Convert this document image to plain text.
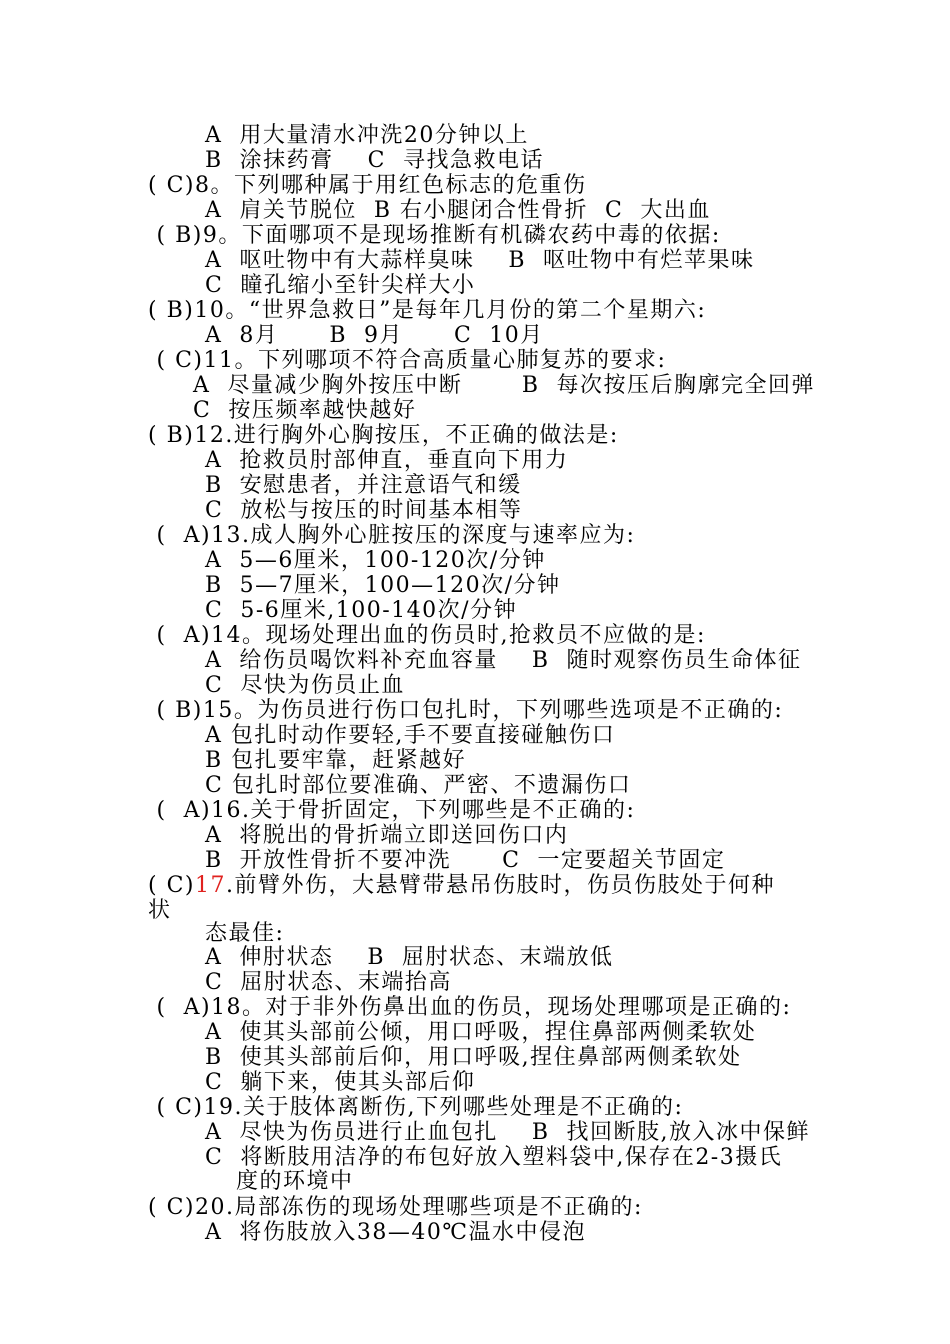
A  用大量清水冲洗20分钟以上
B  涂抹药膏    C  寻找急救电话
( C)8。下列哪种属于用红色标志的危重伤
A  肩关节脱位  B 右小腿闭合性骨折  C  大出血
( B)9。下面哪项不是现场推断有机磷农药中毒的依据:
A  呕吐物中有大蒜样臭味    B  呕吐物中有烂苹果味
C  瞳孔缩小至针尖样大小
( B)10。“世界急救日”是每年几月份的第二个星期六:
A  8月      B  9月      C  10月
( C)11。下列哪项不符合高质量心肺复苏的要求:
A  尽量减少胸外按压中断       B  每次按压后胸廓完全回弹
C  按压频率越快越好
( B)12.进行胸外心胸按压，不正确的做法是:
A  抢救员肘部伸直，垂直向下用力
B  安慰患者，并注意语气和缓
C  放松与按压的时间基本相等
(  A)13.成人胸外心脏按压的深度与速率应为:
A  5—6厘米，100-120次/分钟
B  5—7厘米，100—120次/分钟
C  5-6厘米,100-140次/分钟
(  A)14。现场处理出血的伤员时,抢救员不应做的是:
A  给伤员喝饮料补充血容量    B  随时观察伤员生命体征
C  尽快为伤员止血
( B)15。为伤员进行伤口包扎时，下列哪些选项是不正确的:
A 包扎时动作要轻,手不要直接碰触伤口
B 包扎要牢靠，赶紧越好
C 包扎时部位要准确、严密、不遗漏伤口
(  A)16.关于骨折固定，下列哪些是不正确的:
A  将脱出的骨折端立即送回伤口内
B  开放性骨折不要冲洗      C  一定要超关节固定
( C)17.前臂外伤，大悬臂带悬吊伤肢时，伤员伤肢处于何种
状
态最佳:
A  伸肘状态    B  屈肘状态、末端放低
C  屈肘状态、末端抬高
(  A)18。对于非外伤鼻出血的伤员，现场处理哪项是正确的:
A  使其头部前公倾，用口呼吸，捏住鼻部两侧柔软处
B  使其头部前后仰，用口呼吸,捏住鼻部两侧柔软处
C  躺下来，使其头部后仰
( C)19.关于肢体离断伤,下列哪些处理是不正确的:
A  尽快为伤员进行止血包扎    B  找回断肢,放入冰中保鲜
C  将断肢用洁净的布包好放入塑料袋中,保存在2-3摄氏
度的环境中
( C)20.局部冻伤的现场处理哪些项是不正确的:
A  将伤肢放入38—40℃温水中侵泡
